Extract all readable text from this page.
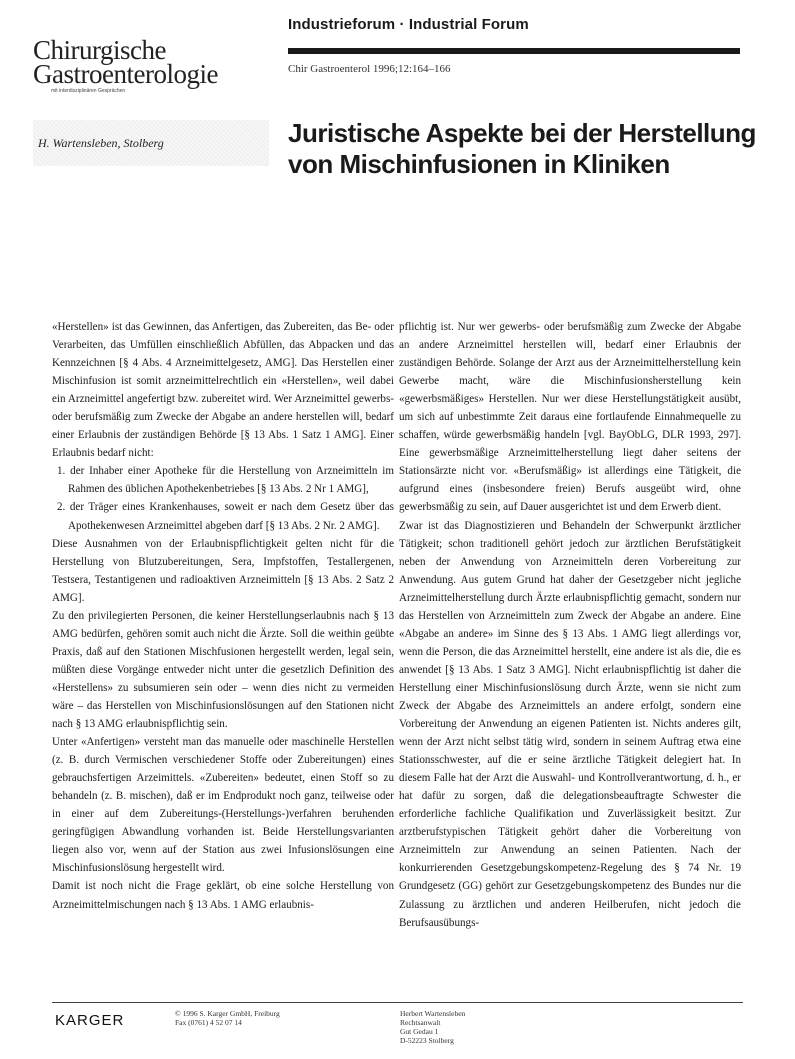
Industrieforum · Industrial Forum
Chir Gastroenterol 1996;12:164–166
Chirurgische
Gastroenterologie
mit interdisziplinären Gesprächen
H. Wartensleben, Stolberg	Juristische Aspekte bei der Herstellung von Mischinfusionen in Kliniken

«Herstellen» ist das Gewinnen, das Anfertigen, das Zubereiten, das Be- oder Verarbeiten, das Umfüllen einschließlich Abfüllen, das Abpacken und das Kennzeichnen [§ 4 Abs. 4 Arzneimittelgesetz, AMG]. Das Herstellen einer Mischinfusion ist somit arzneimittelrechtlich ein «Herstellen», weil dabei ein Arzneimittel angefertigt bzw. zubereitet wird. Wer Arzneimittel gewerbs- oder berufsmäßig zum Zwecke der Abgabe an andere herstellen will, bedarf einer Erlaubnis der zuständigen Behörde [§ 13 Abs. 1 Satz 1 AMG]. Einer Erlaubnis bedarf nicht:

1. der Inhaber einer Apotheke für die Herstellung von Arzneimitteln im Rahmen des üblichen Apothekenbetriebes [§ 13 Abs. 2 Nr 1 AMG],

2. der Träger eines Krankenhauses, soweit er nach dem Gesetz über das Apothekenwesen Arzneimittel abgeben darf [§ 13 Abs. 2 Nr. 2 AMG].

Diese Ausnahmen von der Erlaubnispflichtigkeit gelten nicht für die Herstellung von Blutzubereitungen, Sera, Impfstoffen, Testallergenen, Testsera, Testantigenen und radioaktiven Arzneimitteln [§ 13 Abs. 2 Satz 2 AMG].

Zu den privilegierten Personen, die keiner Herstellungserlaubnis nach § 13 AMG bedürfen, gehören somit auch nicht die Ärzte. Soll die weithin geübte Praxis, daß auf den Stationen Mischfusionen hergestellt werden, legal sein, müßten diese Vorgänge entweder nicht unter die gesetzlich Definition des «Herstellens» zu subsumieren sein oder – wenn dies nicht zu vermeiden wäre – das Herstellen von Mischinfusionslösungen auf den Stationen nicht nach § 13 AMG erlaubnispflichtig sein.

Unter «Anfertigen» versteht man das manuelle oder maschinelle Herstellen (z. B. durch Vermischen verschiedener Stoffe oder Zubereitungen) eines gebrauchsfertigen Arzeimittels. «Zubereiten» bedeutet, einen Stoff so zu behandeln (z. B. mischen), daß er im Endprodukt noch ganz, teilweise oder in einer auf dem Zubereitungs-(Herstellungs-)verfahren beruhenden geringfügigen Abwandlung vorhanden ist. Beide Herstellungsvarianten liegen also vor, wenn auf der Station aus zwei Infusionslösungen eine Mischinfusionslösung hergestellt wird.

Damit ist noch nicht die Frage geklärt, ob eine solche Herstellung von Arzneimittelmischungen nach § 13 Abs. 1 AMG erlaubnis-

pflichtig ist. Nur wer gewerbs- oder berufsmäßig zum Zwecke der Abgabe an andere Arzneimittel herstellen will, bedarf einer Erlaubnis der zuständigen Behörde. Solange der Arzt aus der Arzneimittelherstellung kein Gewerbe macht, wäre die Mischinfusionsherstellung kein «gewerbsmäßiges» Herstellen. Nur wer diese Herstellungstätigkeit ausübt, um sich auf unbestimmte Zeit daraus eine fortlaufende Einnahmequelle zu schaffen, würde gewerbsmäßig handeln [vgl. BayObLG, DLR 1993, 297]. Eine gewerbsmäßige Arzneimittelherstellung liegt daher seitens der Stationsärzte nicht vor. «Berufsmäßig» ist allerdings eine Tätigkeit, die aufgrund eines (insbesondere freien) Berufs ausgeübt wird, ohne gewerbsmäßig zu sein, auf Dauer ausgerichtet ist und dem Erwerb dient.

Zwar ist das Diagnostizieren und Behandeln der Schwerpunkt ärztlicher Tätigkeit; schon traditionell gehört jedoch zur ärztlichen Berufstätigkeit neben der Anwendung von Arzneimitteln deren Vorbereitung zur Anwendung. Aus gutem Grund hat daher der Gesetzgeber nicht jegliche Arzneimittelherstellung durch Ärzte erlaubnispflichtig gemacht, sondern nur das Herstellen von Arzneimitteln zum Zweck der Abgabe an andere. Eine «Abgabe an andere» im Sinne des § 13 Abs. 1 AMG liegt allerdings vor, wenn die Person, die das Arzneimittel herstellt, eine andere ist als die, die es anwendet [§ 13 Abs. 1 Satz 3 AMG]. Nicht erlaubnispflichtig ist daher die Herstellung einer Mischinfusionslösung durch Ärzte, wenn sie nicht zum Zweck der Abgabe des Arzneimittels an andere erfolgt, sondern eine Vorbereitung der Anwendung an eigenen Patienten ist. Nichts anderes gilt, wenn der Arzt nicht selbst tätig wird, sondern in seinem Auftrag etwa eine Stationsschwester, auf die er seine ärztliche Tätigkeit delegiert hat. In diesem Falle hat der Arzt die Auswahl- und Kontrollverantwortung, d. h., er hat dafür zu sorgen, daß die delegationsbeauftragte Schwester die erforderliche fachliche Qualifikation und Zuverlässigkeit besitzt. Zur arztberufstypischen Tätigkeit gehört daher die Vorbereitung von Arzneimitteln zur Anwendung an seinen Patienten. Nach der konkurrierenden Gesetzgebungskompetenz-Regelung des § 74 Nr. 19 Grundgesetz (GG) gehört zur Gesetzgebungskompetenz des Bundes nur die Zulassung zu ärztlichen und anderen Heilberufen, nicht jedoch die Berufsausübungs-

KARGER	© 1996 S. Karger GmbH, Freiburg
Fax (0761) 4 52 07 14
Herbert Wartensleben
Rechtsanwalt
Gut Gedau 1
D-52223 Stolberg
